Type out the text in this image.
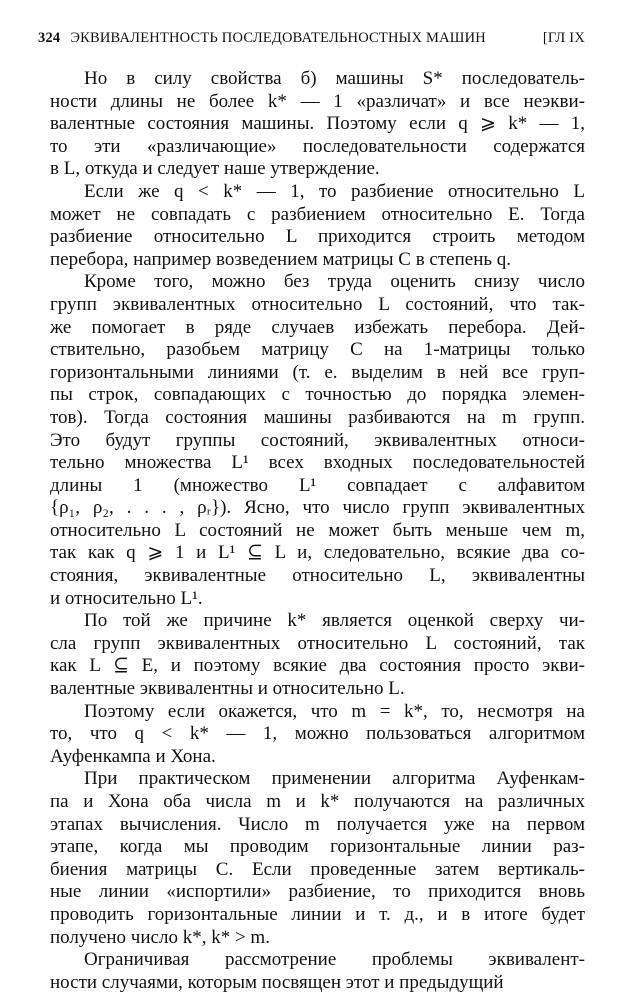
324 ЭКВИВАЛЕНТНОСТЬ ПОСЛЕДОВАТЕЛЬНОСТНЫХ МАШИН	[ГЛ IX
Но в силу свойства б) машины S* последователь-
ности длины не более k* — 1 «различат» и все неэкви-
валентные состояния машины. Поэтому если q ⩾ k* — 1,
то эти «различающие» последовательности содержатся
в L, откуда и следует наше утверждение.
Если же q < k* — 1, то разбиение относительно L
может не совпадать с разбиением относительно E. Тогда
разбиение относительно L приходится строить методом
перебора, например возведением матрицы C в степень q.
Кроме того, можно без труда оценить снизу число
групп эквивалентных относительно L состояний, что так-
же помогает в ряде случаев избежать перебора. Дей-
ствительно, разобьем матрицу C на 1-матрицы только
горизонтальными линиями (т. е. выделим в ней все груп-
пы строк, совпадающих с точностью до порядка элемен-
тов). Тогда состояния машины разбиваются на m групп.
Это будут группы состояний, эквивалентных относи-
тельно множества L¹ всех входных последовательностей
длины 1 (множество L¹ совпадает с алфавитом
{ρ₁, ρ₂, . . . , ρᵣ}). Ясно, что число групп эквивалентных
относительно L состояний не может быть меньше чем m,
так как q ⩾ 1 и L¹ ⊆ L и, следовательно, всякие два со-
стояния, эквивалентные относительно L, эквивалентны
и относительно L¹.
По той же причине k* является оценкой сверху чи-
сла групп эквивалентных относительно L состояний, так
как L ⊆ E, и поэтому всякие два состояния просто экви-
валентные эквивалентны и относительно L.
Поэтому если окажется, что m = k*, то, несмотря на
то, что q < k* — 1, можно пользоваться алгоритмом
Ауфенкампа и Хона.
При практическом применении алгоритма Ауфенкам-
па и Хона оба числа m и k* получаются на различных
этапах вычисления. Число m получается уже на первом
этапе, когда мы проводим горизонтальные линии раз-
биения матрицы C. Если проведенные затем вертикаль-
ные линии «испортили» разбиение, то приходится вновь
проводить горизонтальные линии и т. д., и в итоге будет
получено число k*, k* > m.
Ограничивая рассмотрение проблемы эквивалент-
ности случаями, которым посвящен этот и предыдущий
